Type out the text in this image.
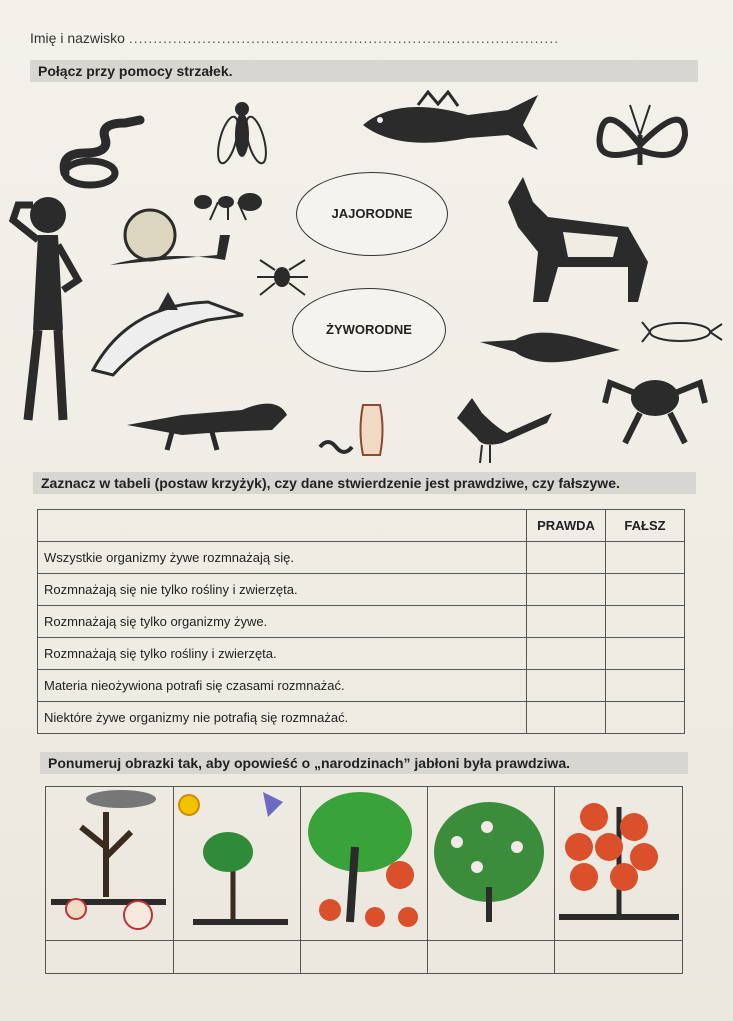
Imię i nazwisko ........................................................................................
Połącz przy pomocy strzałek.
JAJORODNE
ŻYWORODNE
Zaznacz w tabeli (postaw krzyżyk), czy dane stwierdzenie jest prawdziwe, czy fałszywe.
	PRAWDA	FAŁSZ
Wszystkie organizmy żywe rozmnażają się.		
Rozmnażają się nie tylko rośliny i zwierzęta.		
Rozmnażają się tylko organizmy żywe.		
Rozmnażają się tylko rośliny i zwierzęta.		
Materia nieożywiona potrafi się czasami rozmnażać.		
Niektóre żywe organizmy nie potrafią się rozmnażać.		
Ponumeruj obrazki tak, aby opowieść o „narodzinach” jabłoni była prawdziwa.
